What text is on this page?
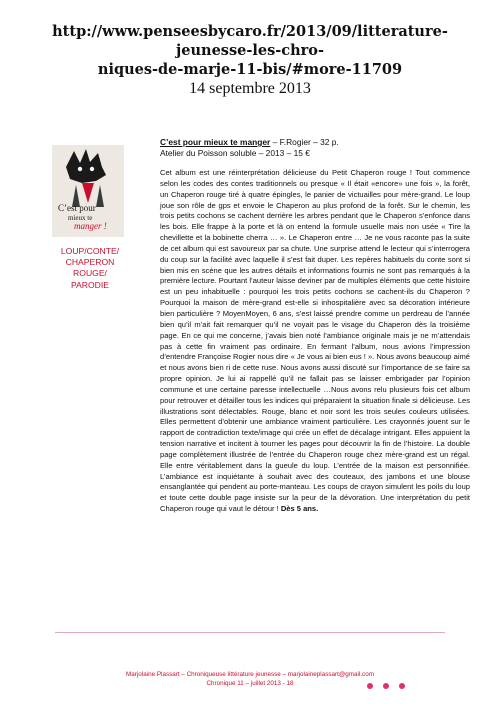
http://www.penseesbycaro.fr/2013/09/litterature-jeunesse-les-chro-
niques-de-marje-11-bis/#more-11709

14 septembre 2013

C’est pour
mieux te
manger !
LOUP/CONTE/
CHAPERON ROUGE/
PARODIE
C’est pour mieux te manger – F.Rogier – 32 p.
Atelier du Poisson soluble – 2013 – 15 €

Cet album est une réinterprétation délicieuse du Petit Chaperon rouge ! Tout commence selon les codes des contes traditionnels ou presque « Il était «encore» une fois », la forêt, un Chaperon rouge tiré à quatre épingles, le panier de victuailles pour mère-grand. Le loup joue son rôle de gps et envoie le Chaperon au plus profond de la forêt. Sur le chemin, les trois petits cochons se cachent derrière les arbres pendant que le Chaperon s’enfonce dans les bois. Elle frappe à la porte et là on entend la formule usuelle mais non usée « Tire la chevillette et la bobinette cherra … ». Le Chaperon entre … Je ne vous raconte pas la suite de cet album qui est savoureux par sa chute. Une surprise attend le lecteur qui s’interrogera du coup sur la facilité avec laquelle il s’est fait duper. Les repères habituels du conte sont si bien mis en scène que les autres détails et informations fournis ne sont pas remarqués à la première lecture. Pourtant l’auteur laisse deviner par de multiples éléments que cette histoire est un peu inhabituelle : pourquoi les trois petits cochons se cachent-ils du Chaperon ? Pourquoi la maison de mère-grand est-elle si inhospitalière avec sa décoration intérieure bien particulière ? MoyenMoyen, 6 ans, s’est laissé prendre comme un perdreau de l’année bien qu’il m’ait fait remarquer qu’il ne voyait pas le visage du Chaperon dès la troisième page. En ce qui me concerne, j’avais bien noté l’ambiance originale mais je ne m’attendais pas à cette fin vraiment pas ordinaire. En fermant l’album, nous avions l’impression d’entendre Françoise Rogier nous dire « Je vous ai bien eus ! ». Nous avons beaucoup aimé et nous avons bien ri de cette ruse. Nous avons aussi discuté sur l’importance de se faire sa propre opinion. Je lui ai rappellé qu’il ne fallait pas se laisser embrigader par l’opinion commune et une certaine paresse intellectuelle …Nous avons relu plusieurs fois cet album pour retrouver et détailler tous les indices qui préparaient la situation finale si délicieuse. Les illustrations sont délectables. Rouge, blanc et noir sont les trois seules couleurs utilisées. Elles permettent d’obtenir une ambiance vraiment particulière. Les crayonnés jouent sur le rapport de contradiction texte/image qui crée un effet de décalage intrigant. Elles appuient la tension narrative et incitent à tourner les pages pour découvrir la fin de l’histoire. La double page complètement illustrée de l’entrée du Chaperon rouge chez mère-grand est un régal. Elle entre véritablement dans la gueule du loup. L’entrée de la maison est personnifiée. L’ambiance est inquiétante à souhait avec des couteaux, des jambons et une blouse ensanglantée qui pendent au porte-manteau. Les coups de crayon simulent les poils du loup et toute cette double page insiste sur la peur de la dévoration. Une interprétation du petit Chaperon rouge qui vaut le détour ! Dès 5 ans.

Marjolaine Plassart – Chroniqueuse littérature jeunesse – marjolaineplassart@gmail.com
Chronique 11 – juillet 2013 - 18
